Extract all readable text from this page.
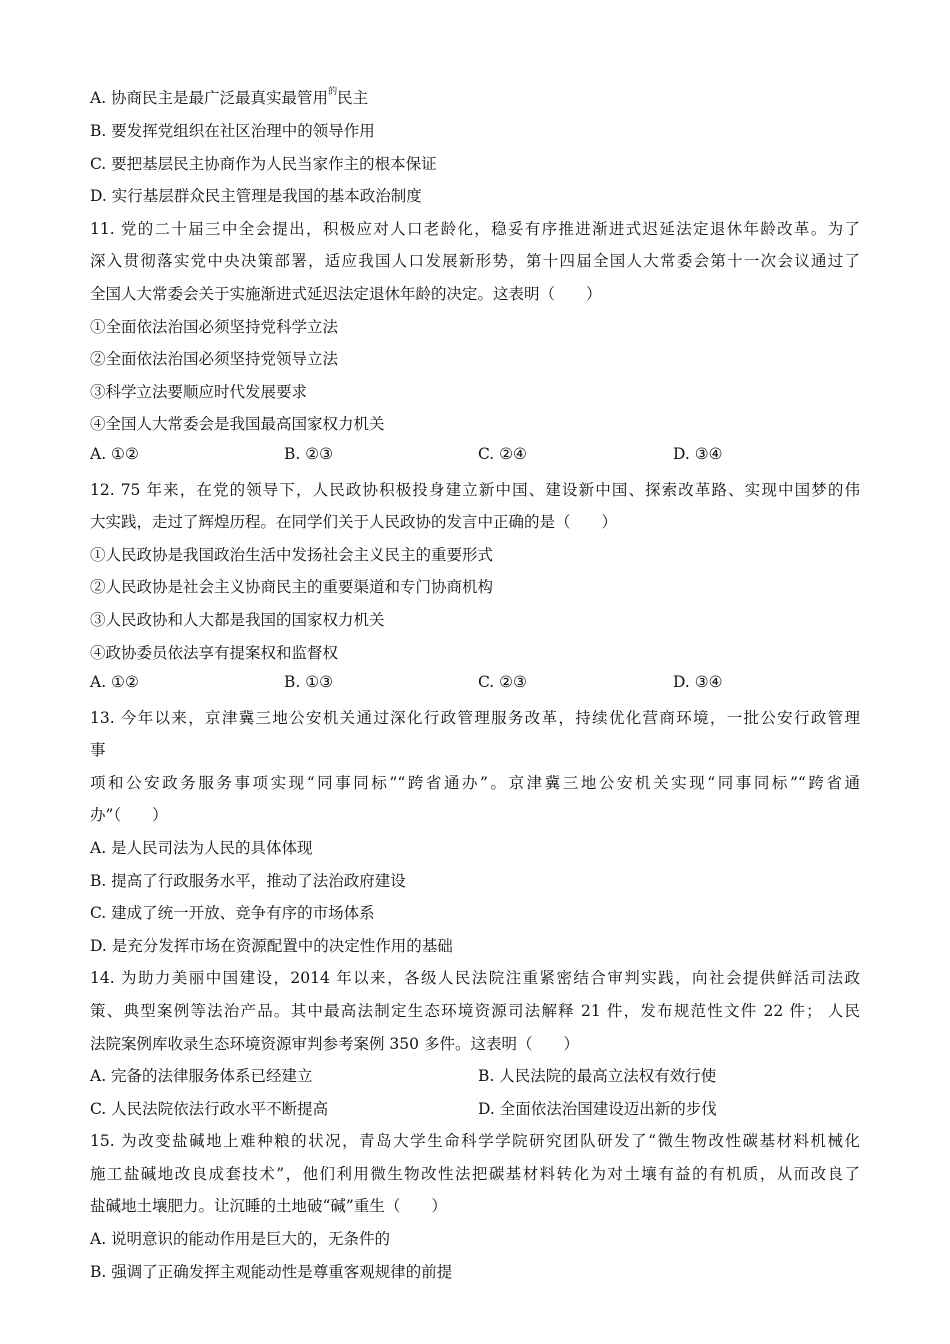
A. 协商民主是最广泛最真实最管用$^的$民主
B. 要发挥党组织在社区治理中的领导作用
C. 要把基层民主协商作为人民当家作主的根本保证
D. 实行基层群众民主管理是我国的基本政治制度
11. 党的二十届三中全会提出，积极应对人口老龄化，稳妥有序推进渐进式迟延法定退休年龄改革。为了
深入贯彻落实党中央决策部署，适应我国人口发展新形势，第十四届全国人大常委会第十一次会议通过了
全国人大常委会关于实施渐进式延迟法定退休年龄的决定。这表明（　　）
①全面依法治国必须坚持党科学立法
②全面依法治国必须坚持党领导立法
③科学立法要顺应时代发展要求
④全国人大常委会是我国最高国家权力机关
A. ①②	B. ②③	C. ②④	D. ③④
12. 75 年来，在党的领导下，人民政协积极投身建立新中国、建设新中国、探索改革路、实现中国梦的伟
大实践，走过了辉煌历程。在同学们关于人民政协的发言中正确的是（　　）
①人民政协是我国政治生活中发扬社会主义民主的重要形式
②人民政协是社会主义协商民主的重要渠道和专门协商机构
③人民政协和人大都是我国的国家权力机关
④政协委员依法享有提案权和监督权
A. ①②	B. ①③	C. ②③	D. ③④
13. 今年以来，京津冀三地公安机关通过深化行政管理服务改革，持续优化营商环境，一批公安行政管理
事
项和公安政务服务事项实现“同事同标”“跨省通办”。京津冀三地公安机关实现“同事同标”“跨省通
办”（　　）
A. 是人民司法为人民的具体体现
B. 提高了行政服务水平，推动了法治政府建设
C. 建成了统一开放、竞争有序的市场体系
D. 是充分发挥市场在资源配置中的决定性作用的基础
14. 为助力美丽中国建设，2014 年以来，各级人民法院注重紧密结合审判实践，向社会提供鲜活司法政
策、典型案例等法治产品。其中最高法制定生态环境资源司法解释 21 件，发布规范性文件 22 件； 人民
法院案例库收录生态环境资源审判参考案例 350 多件。这表明（　　）
A. 完备的法律服务体系已经建立	B. 人民法院的最高立法权有效行使
C. 人民法院依法行政水平不断提高	D. 全面依法治国建设迈出新的步伐
15. 为改变盐碱地上难种粮的状况，青岛大学生命科学学院研究团队研发了“微生物改性碳基材料机械化
施工盐碱地改良成套技术”，他们利用微生物改性法把碳基材料转化为对土壤有益的有机质，从而改良了
盐碱地土壤肥力。让沉睡的土地破“碱”重生（　　）
A. 说明意识的能动作用是巨大的，无条件的
B. 强调了正确发挥主观能动性是尊重客观规律的前提
